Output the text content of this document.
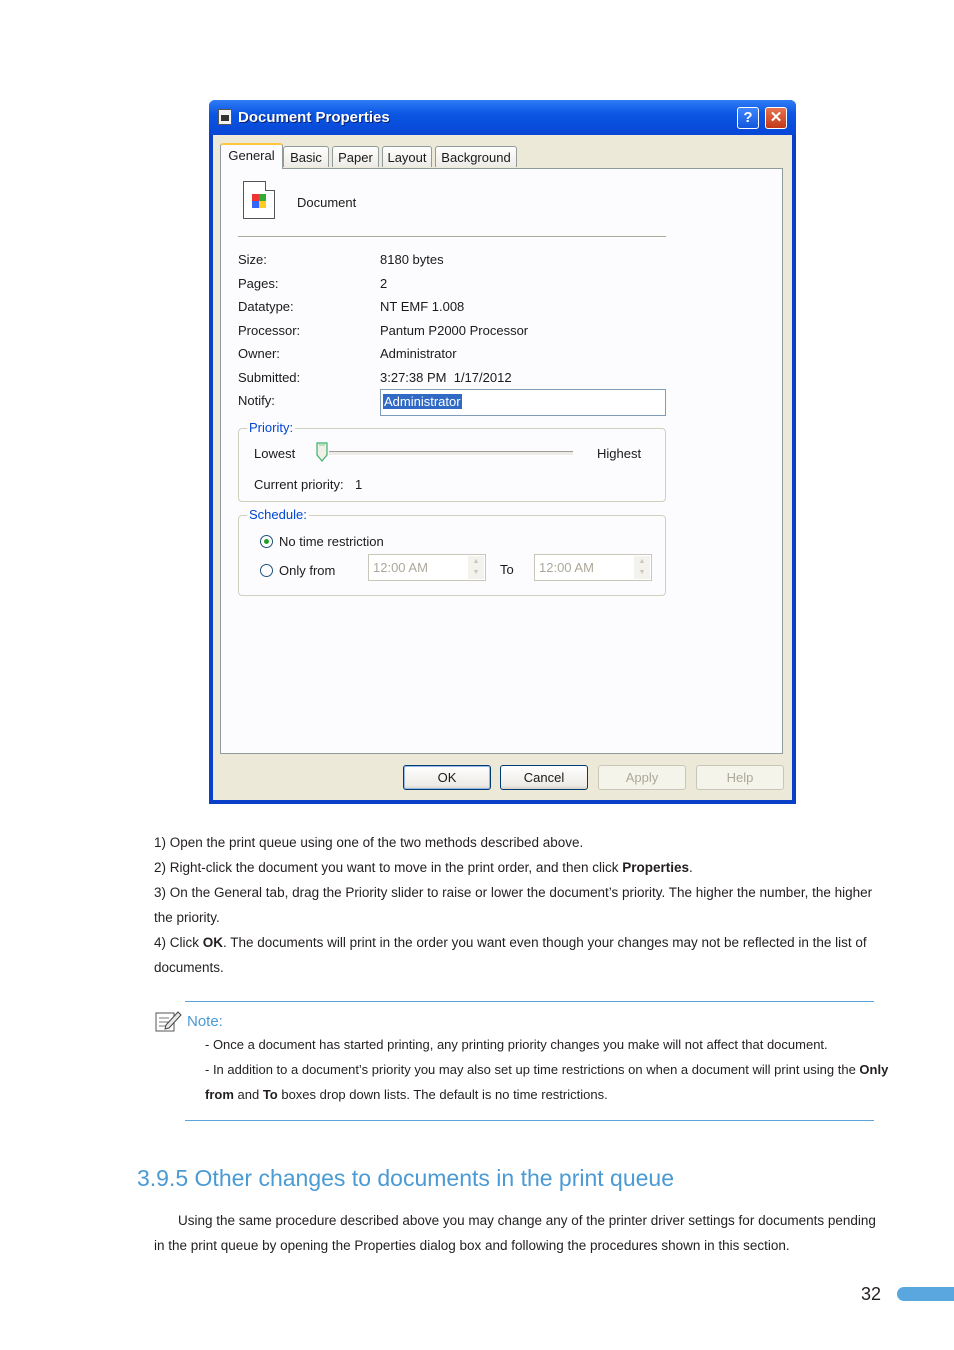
Document Properties	?	✕
General	Basic	Paper	Layout	Background
Document
Size:	8180 bytes
Pages:	2
Datatype:	NT EMF 1.008
Processor:	Pantum P2000 Processor
Owner:	Administrator
Submitted:	3:27:38 PM  1/17/2012
Notify:	Administrator
Priority:
Lowest	Highest
Current priority: 1
Schedule:
No time restriction
Only from	12:00 AM	▲
▼	To 12:00 AM	▲
▼
OK	Cancel	Apply	Help
1) Open the print queue using one of the two methods described above.
2) Right-click the document you want to move in the print order, and then click Properties.
3) On the General tab, drag the Priority slider to raise or lower the document’s priority. The higher the number, the higher
the priority.
4) Click OK. The documents will print in the order you want even though your changes may not be reflected in the list of
documents.
Note:
- Once a document has started printing, any printing priority changes you make will not affect that document.
- In addition to a document’s priority you may also set up time restrictions on when a document will print using the Only
from and To boxes drop down lists. The default is no time restrictions.
3.9.5 Other changes to documents in the print queue
Using the same procedure described above you may change any of the printer driver settings for documents pending
in the print queue by opening the Properties dialog box and following the procedures shown in this section.
32
